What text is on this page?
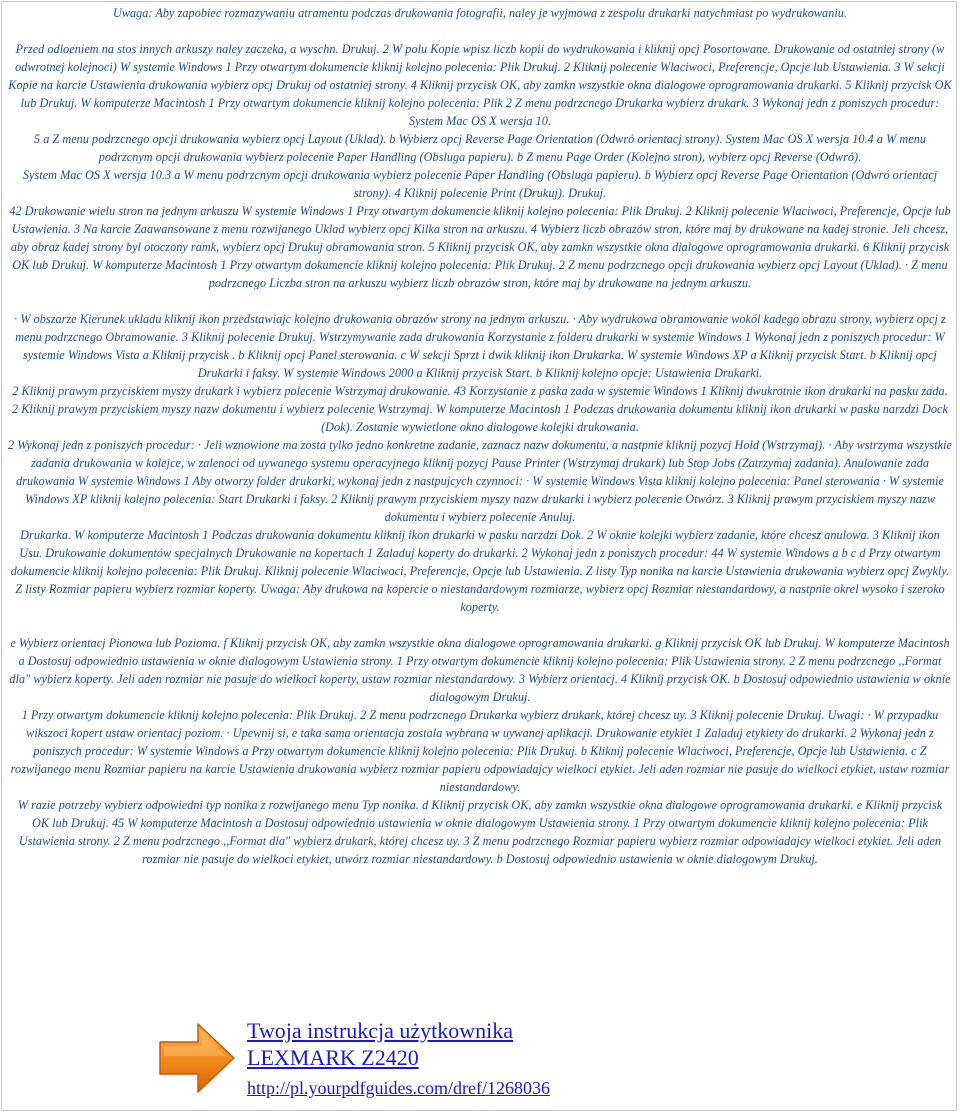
Uwaga: Aby zapobiec rozmazywaniu atramentu podczas drukowania fotografii, naley je wyjmowa z zespolu drukarki natychmiast po wydrukowaniu.

Przed odloeniem na stos innych arkuszy naley zaczeka, a wyschn. Drukuj. 2 W polu Kopie wpisz liczb kopii do wydrukowania i kliknij opcj Posortowane. Drukowanie od ostatniej strony (w odwrotnej kolejnoci) W systemie Windows 1 Przy otwartym dokumencie kliknij kolejno polecenia: Plik Drukuj. 2 Kliknij polecenie Wlaciwoci, Preferencje, Opcje lub Ustawienia. 3 W sekcji Kopie na karcie Ustawienia drukowania wybierz opcj Drukuj od ostatniej strony. 4 Kliknij przycisk OK, aby zamkn wszystkie okna dialogowe oprogramowania drukarki. 5 Kliknij przycisk OK lub Drukuj. W komputerze Macintosh 1 Przy otwartym dokumencie kliknij kolejno polecenia: Plik 2 Z menu podrzcnego Drukarka wybierz drukark. 3 Wykonaj jedn z poniszych procedur: System Mac OS X wersja 10.

5 a Z menu podrzcnego opcji drukowania wybierz opcj Layout (Uklad). b Wybierz opcj Reverse Page Orientation (Odwró orientacj strony). System Mac OS X wersja 10.4 a W menu podrzcnym opcji drukowania wybierz polecenie Paper Handling (Obsluga papieru). b Z menu Page Order (Kolejno stron), wybierz opcj Reverse (Odwró).

System Mac OS X wersja 10.3 a W menu podrzcnym opcji drukowania wybierz polecenie Paper Handling (Obsluga papieru). b Wybierz opcj Reverse Page Orientation (Odwró orientacj strony). 4 Kliknij polecenie Print (Drukuj). Drukuj.

42 Drukowanie wielu stron na jednym arkuszu W systemie Windows 1 Przy otwartym dokumencie kliknij kolejno polecenia: Plik Drukuj. 2 Kliknij polecenie Wlaciwoci, Preferencje, Opcje lub Ustawienia. 3 Na karcie Zaawansowane z menu rozwijanego Uklad wybierz opcj Kilka stron na arkuszu. 4 Wybierz liczb obrazów stron, które maj by drukowane na kadej stronie. Jeli chcesz, aby obraz kadej strony byl otoczony ramk, wybierz opcj Drukuj obramowania stron. 5 Kliknij przycisk OK, aby zamkn wszystkie okna dialogowe oprogramowania drukarki. 6 Kliknij przycisk OK lub Drukuj. W komputerze Macintosh 1 Przy otwartym dokumencie kliknij kolejno polecenia: Plik Drukuj. 2 Z menu podrzcnego opcji drukowania wybierz opcj Layout (Uklad). · Z menu podrzcnego Liczba stron na arkuszu wybierz liczb obrazów stron, które maj by drukowane na jednym arkuszu.

· W obszarze Kierunek ukladu kliknij ikon przedstawiajc kolejno drukowania obrazów strony na jednym arkuszu. · Aby wydrukowa obramowanie wokól kadego obrazu strony, wybierz opcj z menu podrzcnego Obramowanie. 3 Kliknij polecenie Drukuj. Wstrzymywanie zada drukowania Korzystanie z folderu drukarki w systemie Windows 1 Wykonaj jedn z poniszych procedur: W systemie Windows Vista a Kliknij przycisk . b Kliknij opcj Panel sterowania. c W sekcji Sprzt i dwik kliknij ikon Drukarka. W systemie Windows XP a Kliknij przycisk Start. b Kliknij opcj Drukarki i faksy. W systemie Windows 2000 a Kliknij przycisk Start. b Kliknij kolejno opcje: Ustawienia Drukarki.

2 Kliknij prawym przyciskiem myszy drukark i wybierz polecenie Wstrzymaj drukowanie. 43 Korzystanie z paska zada w systemie Windows 1 Kliknij dwukrotnie ikon drukarki na pasku zada. 2 Kliknij prawym przyciskiem myszy nazw dokumentu i wybierz polecenie Wstrzymaj. W komputerze Macintosh 1 Podczas drukowania dokumentu kliknij ikon drukarki w pasku narzdzi Dock (Dok). Zostanie wywietlone okno dialogowe kolejki drukowania.

2 Wykonaj jedn z poniszych procedur: · Jeli wznowione ma zosta tylko jedno konkretne zadanie, zaznacz nazw dokumentu, a nastpnie kliknij pozycj Hold (Wstrzymaj). · Aby wstrzyma wszystkie zadania drukowania w kolejce, w zalenoci od uywanego systemu operacyjnego kliknij pozycj Pause Printer (Wstrzymaj drukark) lub Stop Jobs (Zatrzymaj zadania). Anulowanie zada drukowania W systemie Windows 1 Aby otworzy folder drukarki, wykonaj jedn z nastpujcych czynnoci: · W systemie Windows Vista kliknij kolejno polecenia: Panel sterowania · W systemie Windows XP kliknij kolejno polecenia: Start Drukarki i faksy. 2 Kliknij prawym przyciskiem myszy nazw drukarki i wybierz polecenie Otwórz. 3 Kliknij prawym przyciskiem myszy nazw dokumentu i wybierz polecenie Anuluj.

Drukarka. W komputerze Macintosh 1 Podczas drukowania dokumentu kliknij ikon drukarki w pasku narzdzi Dok. 2 W oknie kolejki wybierz zadanie, które chcesz anulowa. 3 Kliknij ikon Usu. Drukowanie dokumentów specjalnych Drukowanie na kopertach 1 Zaladuj koperty do drukarki. 2 Wykonaj jedn z poniszych procedur: 44 W systemie Windows a b c d Przy otwartym dokumencie kliknij kolejno polecenia: Plik Drukuj. Kliknij polecenie Wlaciwoci, Preferencje, Opcje lub Ustawienia. Z listy Typ nonika na karcie Ustawienia drukowania wybierz opcj Zwykly. Z listy Rozmiar papieru wybierz rozmiar koperty. Uwaga: Aby drukowa na kopercie o niestandardowym rozmiarze, wybierz opcj Rozmiar niestandardowy, a nastpnie okrel wysoko i szeroko koperty.

e Wybierz orientacj Pionowa lub Pozioma. f Kliknij przycisk OK, aby zamkn wszystkie okna dialogowe oprogramowania drukarki. g Kliknij przycisk OK lub Drukuj. W komputerze Macintosh a Dostosuj odpowiednio ustawienia w oknie dialogowym Ustawienia strony. 1 Przy otwartym dokumencie kliknij kolejno polecenia: Plik Ustawienia strony. 2 Z menu podrzcnego ,,Format dla" wybierz koperty. Jeli aden rozmiar nie pasuje do wielkoci koperty, ustaw rozmiar niestandardowy. 3 Wybierz orientacj. 4 Kliknij przycisk OK. b Dostosuj odpowiednio ustawienia w oknie dialogowym Drukuj.

1 Przy otwartym dokumencie kliknij kolejno polecenia: Plik Drukuj. 2 Z menu podrzcnego Drukarka wybierz drukark, której chcesz uy. 3 Kliknij polecenie Drukuj. Uwagi: · W przypadku wikszoci kopert ustaw orientacj poziom. · Upewnij si, e taka sama orientacja zostala wybrana w uywanej aplikacji. Drukowanie etykiet 1 Zaladuj etykiety do drukarki. 2 Wykonaj jedn z poniszych procedur: W systemie Windows a Przy otwartym dokumencie kliknij kolejno polecenia: Plik Drukuj. b Kliknij polecenie Wlaciwoci, Preferencje, Opcje lub Ustawienia. c Z rozwijanego menu Rozmiar papieru na karcie Ustawienia drukowania wybierz rozmiar papieru odpowiadajcy wielkoci etykiet. Jeli aden rozmiar nie pasuje do wielkoci etykiet, ustaw rozmiar niestandardowy.

W razie potrzeby wybierz odpowiedni typ nonika z rozwijanego menu Typ nonika. d Kliknij przycisk OK, aby zamkn wszystkie okna dialogowe oprogramowania drukarki. e Kliknij przycisk OK lub Drukuj. 45 W komputerze Macintosh a Dostosuj odpowiednio ustawienia w oknie dialogowym Ustawienia strony. 1 Przy otwartym dokumencie kliknij kolejno polecenia: Plik Ustawienia strony. 2 Z menu podrzcnego ,,Format dla" wybierz drukark, której chcesz uy. 3 Z menu podrzcnego Rozmiar papieru wybierz rozmiar odpowiadajcy wielkoci etykiet. Jeli aden rozmiar nie pasuje do wielkoci etykiet, utwórz rozmiar niestandardowy. b Dostosuj odpowiednio ustawienia w oknie dialogowym Drukuj.

Twoja instrukcja użytkownika
LEXMARK Z2420
http://pl.yourpdfguides.com/dref/1268036
